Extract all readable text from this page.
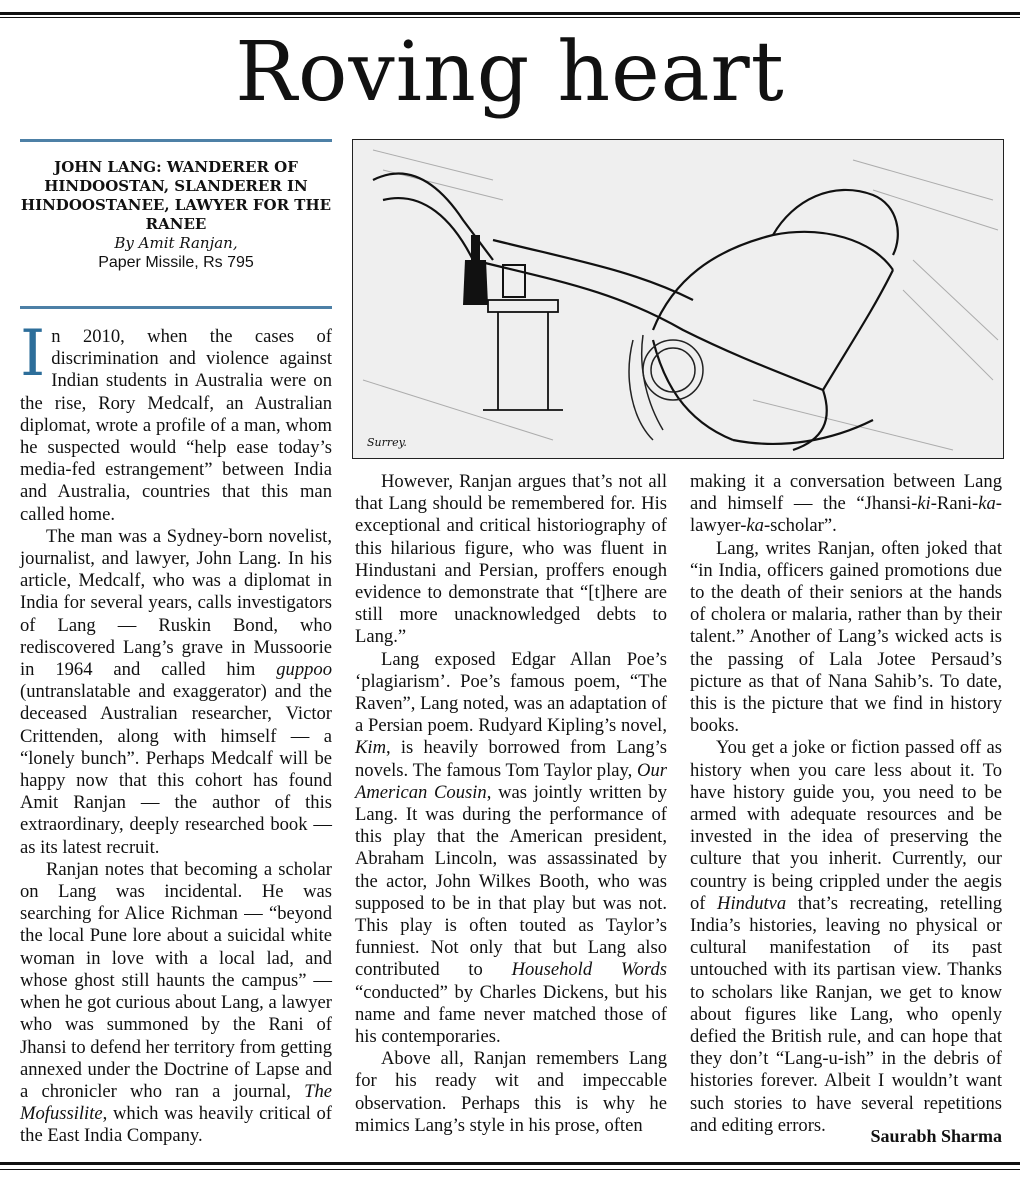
Roving heart

JOHN LANG: WANDERER OF HINDOOSTAN, SLANDERER IN HINDOOSTANEE, LAWYER FOR THE RANEE

By Amit Ranjan,

Paper Missile, Rs 795

Surrey.

In 2010, when the cases of discrimination and violence against Indian students in Australia were on the rise, Rory Medcalf, an Australian diplomat, wrote a profile of a man, whom he suspected would “help ease today’s media-fed estrangement” between India and Australia, countries that this man called home.

The man was a Sydney-born novelist, journalist, and lawyer, John Lang. In his article, Medcalf, who was a diplomat in India for several years, calls investigators of Lang — Ruskin Bond, who rediscovered Lang’s grave in Mussoorie in 1964 and called him guppoo (untranslatable and exaggerator) and the deceased Australian researcher, Victor Crittenden, along with himself — a “lonely bunch”. Perhaps Medcalf will be happy now that this cohort has found Amit Ranjan — the author of this extraordinary, deeply researched book — as its latest recruit.

Ranjan notes that becoming a scholar on Lang was incidental. He was searching for Alice Richman — “beyond the local Pune lore about a suicidal white woman in love with a local lad, and whose ghost still haunts the campus” — when he got curious about Lang, a lawyer who was summoned by the Rani of Jhansi to defend her territory from getting annexed under the Doctrine of Lapse and a chronicler who ran a journal, The Mofussilite, which was heavily critical of the East India Company.

However, Ranjan argues that’s not all that Lang should be remembered for. His exceptional and critical historiography of this hilarious figure, who was fluent in Hindustani and Persian, proffers enough evidence to demonstrate that “[t]here are still more unacknowledged debts to Lang.”

Lang exposed Edgar Allan Poe’s ‘plagiarism’. Poe’s famous poem, “The Raven”, Lang noted, was an adaptation of a Persian poem. Rudyard Kipling’s novel, Kim, is heavily borrowed from Lang’s novels. The famous Tom Taylor play, Our American Cousin, was jointly written by Lang. It was during the performance of this play that the American president, Abraham Lincoln, was assassinated by the actor, John Wilkes Booth, who was supposed to be in that play but was not. This play is often touted as Taylor’s funniest. Not only that but Lang also contributed to Household Words “conducted” by Charles Dickens, but his name and fame never matched those of his contemporaries.

Above all, Ranjan remembers Lang for his ready wit and impeccable observation. Perhaps this is why he mimics Lang’s style in his prose, often

making it a conversation between Lang and himself — the “Jhansi-ki-Rani-ka-lawyer-ka-scholar”.

Lang, writes Ranjan, often joked that “in India, officers gained promotions due to the death of their seniors at the hands of cholera or malaria, rather than by their talent.” Another of Lang’s wicked acts is the passing of Lala Jotee Persaud’s picture as that of Nana Sahib’s. To date, this is the picture that we find in history books.

You get a joke or fiction passed off as history when you care less about it. To have history guide you, you need to be armed with adequate resources and be invested in the idea of preserving the culture that you inherit. Currently, our country is being crippled under the aegis of Hindutva that’s recreating, retelling India’s histories, leaving no physical or cultural manifestation of its past untouched with its partisan view. Thanks to scholars like Ranjan, we get to know about figures like Lang, who openly defied the British rule, and can hope that they don’t “Lang-u-ish” in the debris of histories forever. Albeit I wouldn’t want such stories to have several repetitions and editing errors.

Saurabh Sharma
